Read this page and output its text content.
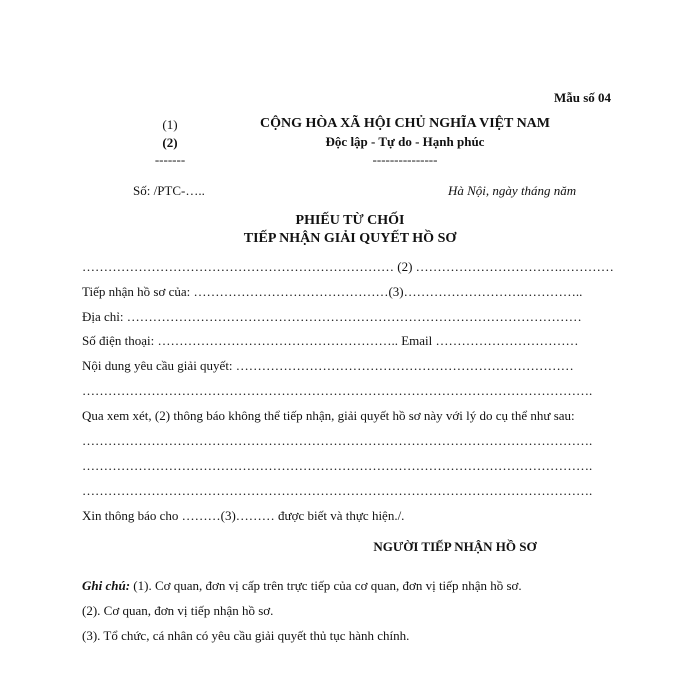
Mẫu số 04
(1)
(2)
-------
CỘNG HÒA XÃ HỘI CHỦ NGHĨA VIỆT NAM
Độc lập - Tự do - Hạnh phúc
---------------
Số: /PTC-…..	Hà Nội, ngày tháng năm
PHIẾU TỪ CHỐI
TIẾP NHẬN GIẢI QUYẾT HỒ SƠ
……………………………………………………………… (2) …………………………….…………
Tiếp nhận hồ sơ của: ………………………………………(3)……………………….…………..
Địa chỉ: ……………………………………………………………………………………………
Số điện thoại: ……………………………………………….. Email ……………………………
Nội dung yêu cầu giải quyết: ……………………………………………………………………
……………………………………………………………………………………………………….
Qua xem xét, (2) thông báo không thể tiếp nhận, giải quyết hồ sơ này với lý do cụ thể như sau:
……………………………………………………………………………………………………….
……………………………………………………………………………………………………….
……………………………………………………………………………………………………….
Xin thông báo cho ………(3)……… được biết và thực hiện./.
NGƯỜI TIẾP NHẬN HỒ SƠ
Ghi chú: (1). Cơ quan, đơn vị cấp trên trực tiếp của cơ quan, đơn vị tiếp nhận hồ sơ.
(2). Cơ quan, đơn vị tiếp nhận hồ sơ.
(3). Tổ chức, cá nhân có yêu cầu giải quyết thủ tục hành chính.
